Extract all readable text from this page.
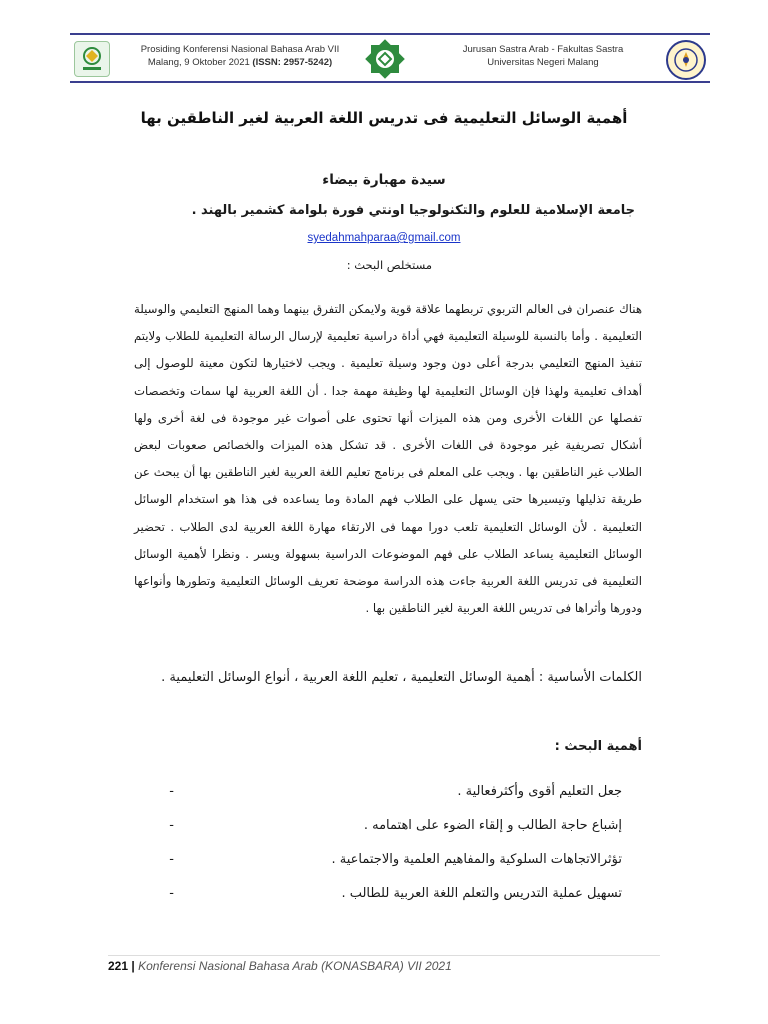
Prosiding Konferensi Nasional Bahasa Arab VII
Malang, 9 Oktober 2021 (ISSN: 2957-5242)
Jurusan Sastra Arab - Fakultas Sastra
Universitas Negeri Malang
أهمية الوسائل التعليمية فى تدريس اللغة العربية لغير الناطقين بها
سيدة مهبارة بيضاء
جامعة الإسلامية للعلوم والتكنولوجيا اونتي فورة بلوامة كشمير بالهند .
syedahmahparaa@gmail.com
مستخلص البحث :

هناك عنصران فى العالم التربوي تربطهما علاقة قوية ولايمكن التفرق بينهما وهما المنهج التعليمي والوسيلة التعليمية . وأما بالنسبة للوسيلة التعليمية فهي أداة دراسية تعليمية لإرسال الرسالة التعليمية للطلاب ولايتم تنفيذ المنهج التعليمي بدرجة أعلى دون وجود وسيلة تعليمية . ويجب لاختيارها لتكون معينة للوصول إلى أهداف تعليمية ولهذا فإن الوسائل التعليمية لها وظيفة مهمة جدا . أن اللغة العربية لها سمات وتخصصات تفصلها عن اللغات الأخرى ومن هذه الميزات أنها تحتوى على أصوات غير موجودة فى لغة أخرى ولها أشكال تصريفية غير موجودة فى اللغات الأخرى . قد تشكل هذه الميزات والخصائص صعوبات لبعض الطلاب غير الناطقين بها . ويجب على المعلم فى برنامج تعليم اللغة العربية لغير الناطقين بها أن يبحث عن طريقة تذليلها وتيسيرها حتى يسهل على الطلاب فهم المادة وما يساعده فى هذا هو استخدام الوسائل التعليمية . لأن الوسائل التعليمية تلعب دورا مهما فى الارتقاء مهارة اللغة العربية لدى الطلاب . تحضير الوسائل التعليمية يساعد الطلاب على فهم الموضوعات الدراسية بسهولة ويسر . ونظرا لأهمية الوسائل التعليمية فى تدريس اللغة العربية جاءت هذه الدراسة موضحة تعريف الوسائل التعليمية وتطورها وأنواعها ودورها وأثراها فى تدريس اللغة العربية لغير الناطقين بها .

الكلمات الأساسية : أهمية الوسائل التعليمية ، تعليم اللغة العربية ، أنواع الوسائل التعليمية .

أهمية البحث :
جعل التعليم أقوى وأكثرفعالية .
-
إشباع حاجة الطالب و إلقاء الضوء على اهتمامه .
-
تؤثرالاتجاهات السلوكية والمفاهيم العلمية والاجتماعية .
-
تسهيل عملية التدريس والتعلم اللغة العربية للطالب .
-
221 | Konferensi Nasional Bahasa Arab (KONASBARA) VII 2021
